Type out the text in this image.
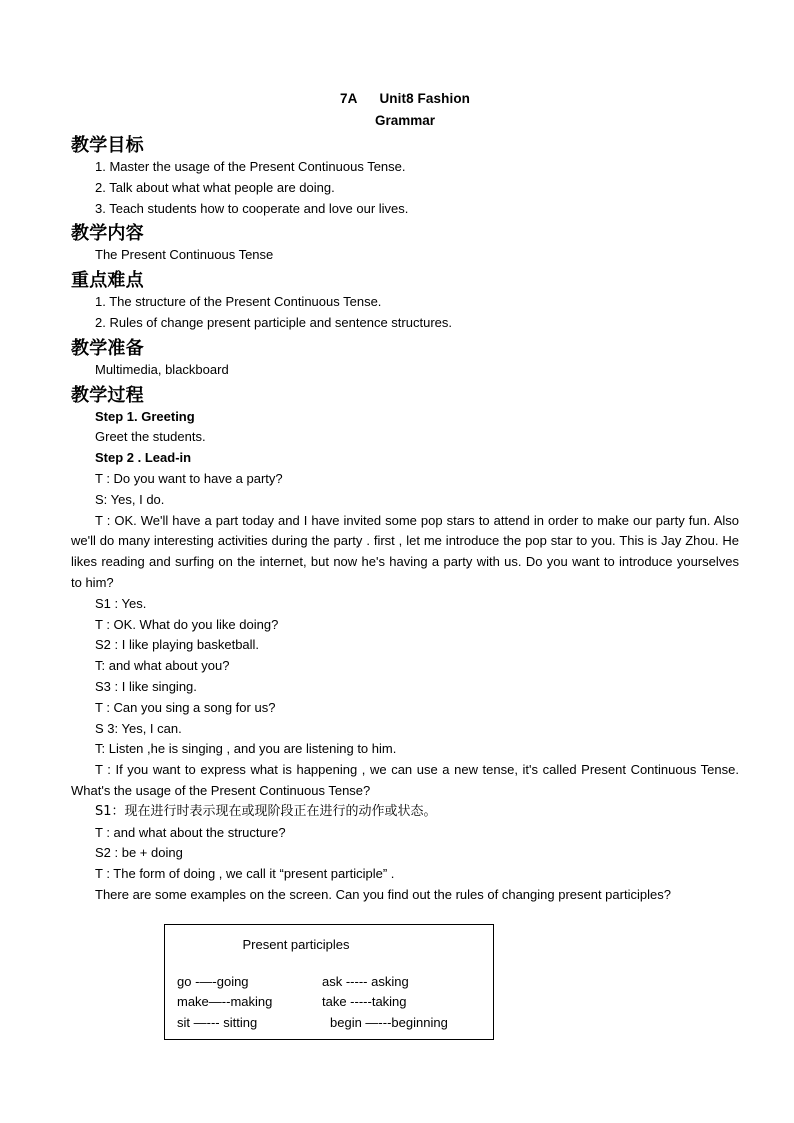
7A Unit8 Fashion
Grammar
教学目标
1. Master the usage of the Present Continuous Tense.
2. Talk about what what people are doing.
3. Teach students how to cooperate and love our lives.
教学内容
The Present Continuous Tense
重点难点
1. The structure of the Present Continuous Tense.
2. Rules of change present participle and sentence structures.
教学准备
Multimedia, blackboard
教学过程
Step 1. Greeting
Greet the students.
Step 2 . Lead-in
T : Do you want to have a party?
S: Yes, I do.
T : OK. We'll have a part today and I have invited some pop stars to attend in order to make our party fun. Also we'll do many interesting activities during the party . first , let me introduce the pop star to you. This is Jay Zhou. He likes reading and surfing on the internet, but now he's having a party with us. Do you want to introduce yourselves to him?
S1 : Yes.
T : OK. What do you like doing?
S2 : I like playing basketball.
T: and what about you?
S3 : I like singing.
T : Can you sing a song for us?
S 3: Yes, I can.
T: Listen ,he is singing , and you are listening to him.
T : If you want to express what is happening , we can use a new tense, it's called Present Continuous Tense. What's the usage of the Present Continuous Tense?
S1：现在进行时表示现在或现阶段正在进行的动作或状态。
T : and what about the structure?
S2 : be + doing
T : The form of doing , we call it “present participle” .
There are some examples on the screen. Can you find out the rules of changing present participles?
Present participles
go -—-going	ask ----- asking
make—--making	take -----taking
sit —--- sitting	begin —---beginning
